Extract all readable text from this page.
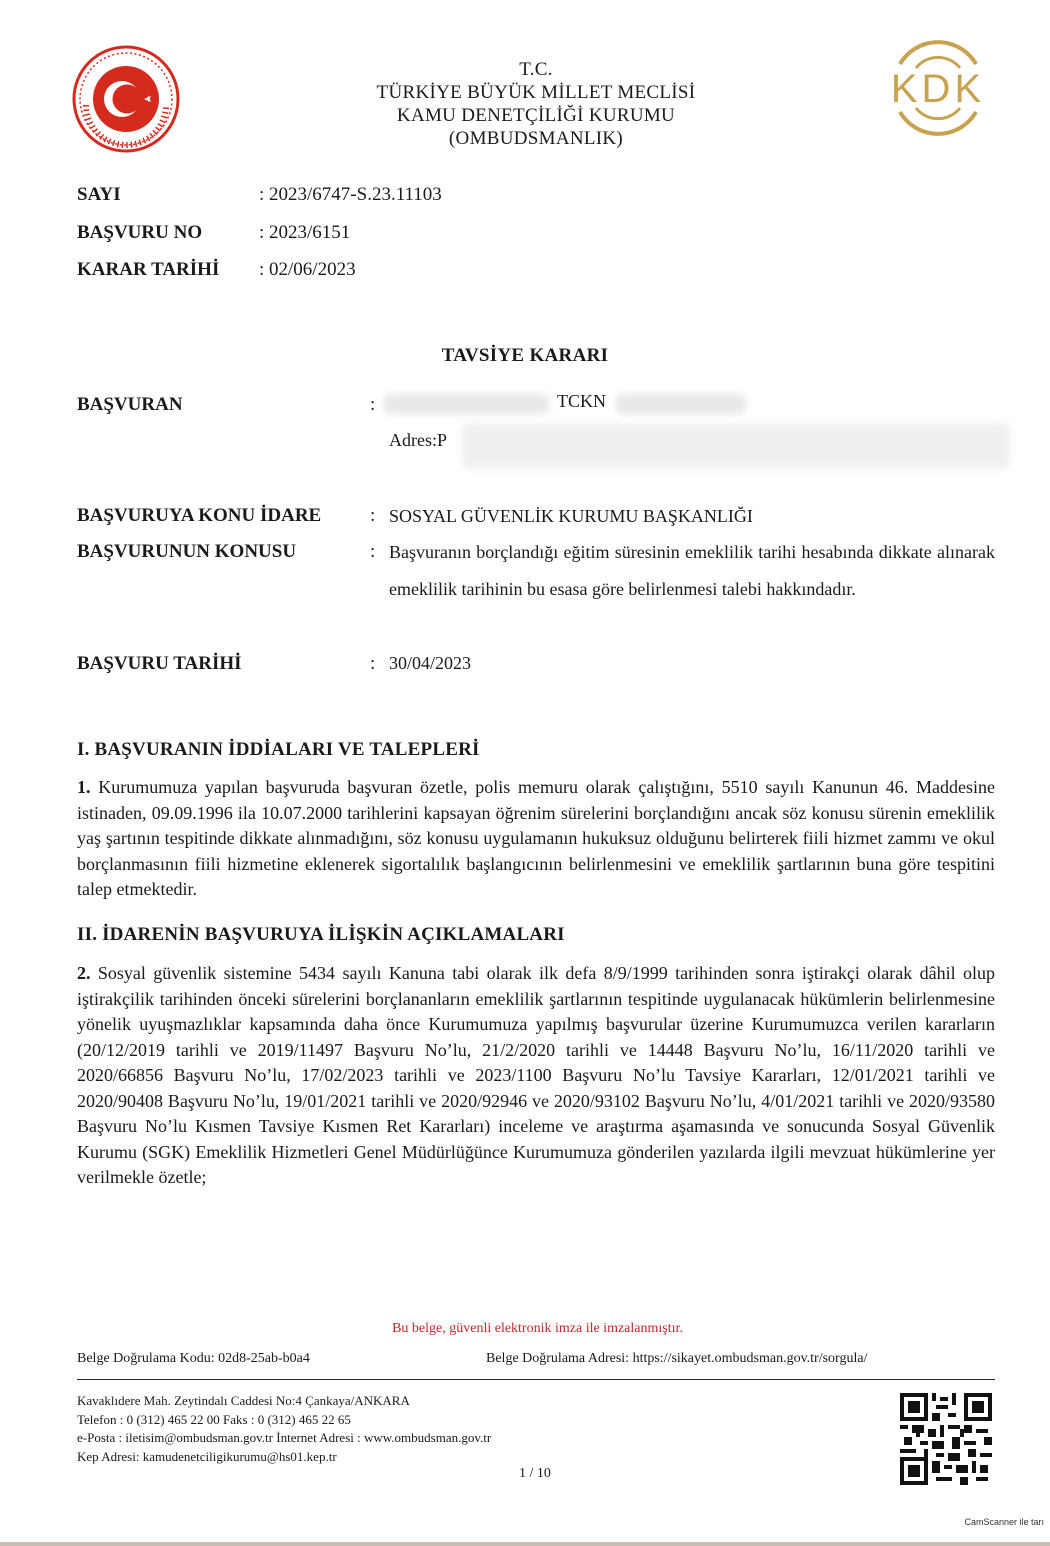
KDK
T.C.
TÜRKİYE BÜYÜK MİLLET MECLİSİ
KAMU DENETÇİLİĞİ KURUMU
(OMBUDSMANLIK)
SAYI	: 2023/6747-S.23.11103
BAŞVURU NO	: 2023/6151
KARAR TARİHİ : 02/06/2023
TAVSİYE KARARI
BAŞVURAN	:	TCKN
Adres:P
BAŞVURUYA KONU İDARE	: SOSYAL GÜVENLİK KURUMU BAŞKANLIĞI
BAŞVURUNUN KONUSU	: Başvuranın borçlandığı eğitim süresinin emeklilik tarihi hesabında dikkate alınarak emeklilik tarihinin bu esasa göre belirlenmesi talebi hakkındadır.
BAŞVURU TARİHİ	: 30/04/2023
I. BAŞVURANIN İDDİALARI VE TALEPLERİ
1. Kurumumuza yapılan başvuruda başvuran özetle, polis memuru olarak çalıştığını, 5510 sayılı Kanunun 46. Maddesine istinaden, 09.09.1996 ila 10.07.2000 tarihlerini kapsayan öğrenim sürelerini borçlandığını ancak söz konusu sürenin emeklilik yaş şartının tespitinde dikkate alınmadığını, söz konusu uygulamanın hukuksuz olduğunu belirterek fiili hizmet zammı ve okul borçlanmasının fiili hizmetine eklenerek sigortalılık başlangıcının belirlenmesini ve emeklilik şartlarının buna göre tespitini talep etmektedir.
II. İDARENİN BAŞVURUYA İLİŞKİN AÇIKLAMALARI
2. Sosyal güvenlik sistemine 5434 sayılı Kanuna tabi olarak ilk defa 8/9/1999 tarihinden sonra iştirakçi olarak dâhil olup iştirakçilik tarihinden önceki sürelerini borçlananların emeklilik şartlarının tespitinde uygulanacak hükümlerin belirlenmesine yönelik uyuşmazlıklar kapsamında daha önce Kurumumuza yapılmış başvurular üzerine Kurumumuzca verilen kararların (20/12/2019 tarihli ve 2019/11497 Başvuru No’lu, 21/2/2020 tarihli ve 14448 Başvuru No’lu, 16/11/2020 tarihli ve 2020/66856 Başvuru No’lu, 17/02/2023 tarihli ve 2023/1100 Başvuru No’lu Tavsiye Kararları, 12/01/2021 tarihli ve 2020/90408 Başvuru No’lu, 19/01/2021 tarihli ve 2020/92946 ve 2020/93102 Başvuru No’lu, 4/01/2021 tarihli ve 2020/93580 Başvuru No’lu Kısmen Tavsiye Kısmen Ret Kararları) inceleme ve araştırma aşamasında ve sonucunda Sosyal Güvenlik Kurumu (SGK) Emeklilik Hizmetleri Genel Müdürlüğünce Kurumumuza gönderilen yazılarda ilgili mevzuat hükümlerine yer verilmekle özetle;
Bu belge, güvenli elektronik imza ile imzalanmıştır.
Belge Doğrulama Kodu: 02d8-25ab-b0a4	Belge Doğrulama Adresi: https://sikayet.ombudsman.gov.tr/sorgula/
Kavaklıdere Mah. Zeytindalı Caddesi No:4 Çankaya/ANKARA
Telefon : 0 (312) 465 22 00 Faks : 0 (312) 465 22 65
e-Posta : iletisim@ombudsman.gov.tr İnternet Adresi : www.ombudsman.gov.tr
Kep Adresi: kamudenetciligikurumu@hs01.kep.tr
1 / 10
CamScanner ile tarı
